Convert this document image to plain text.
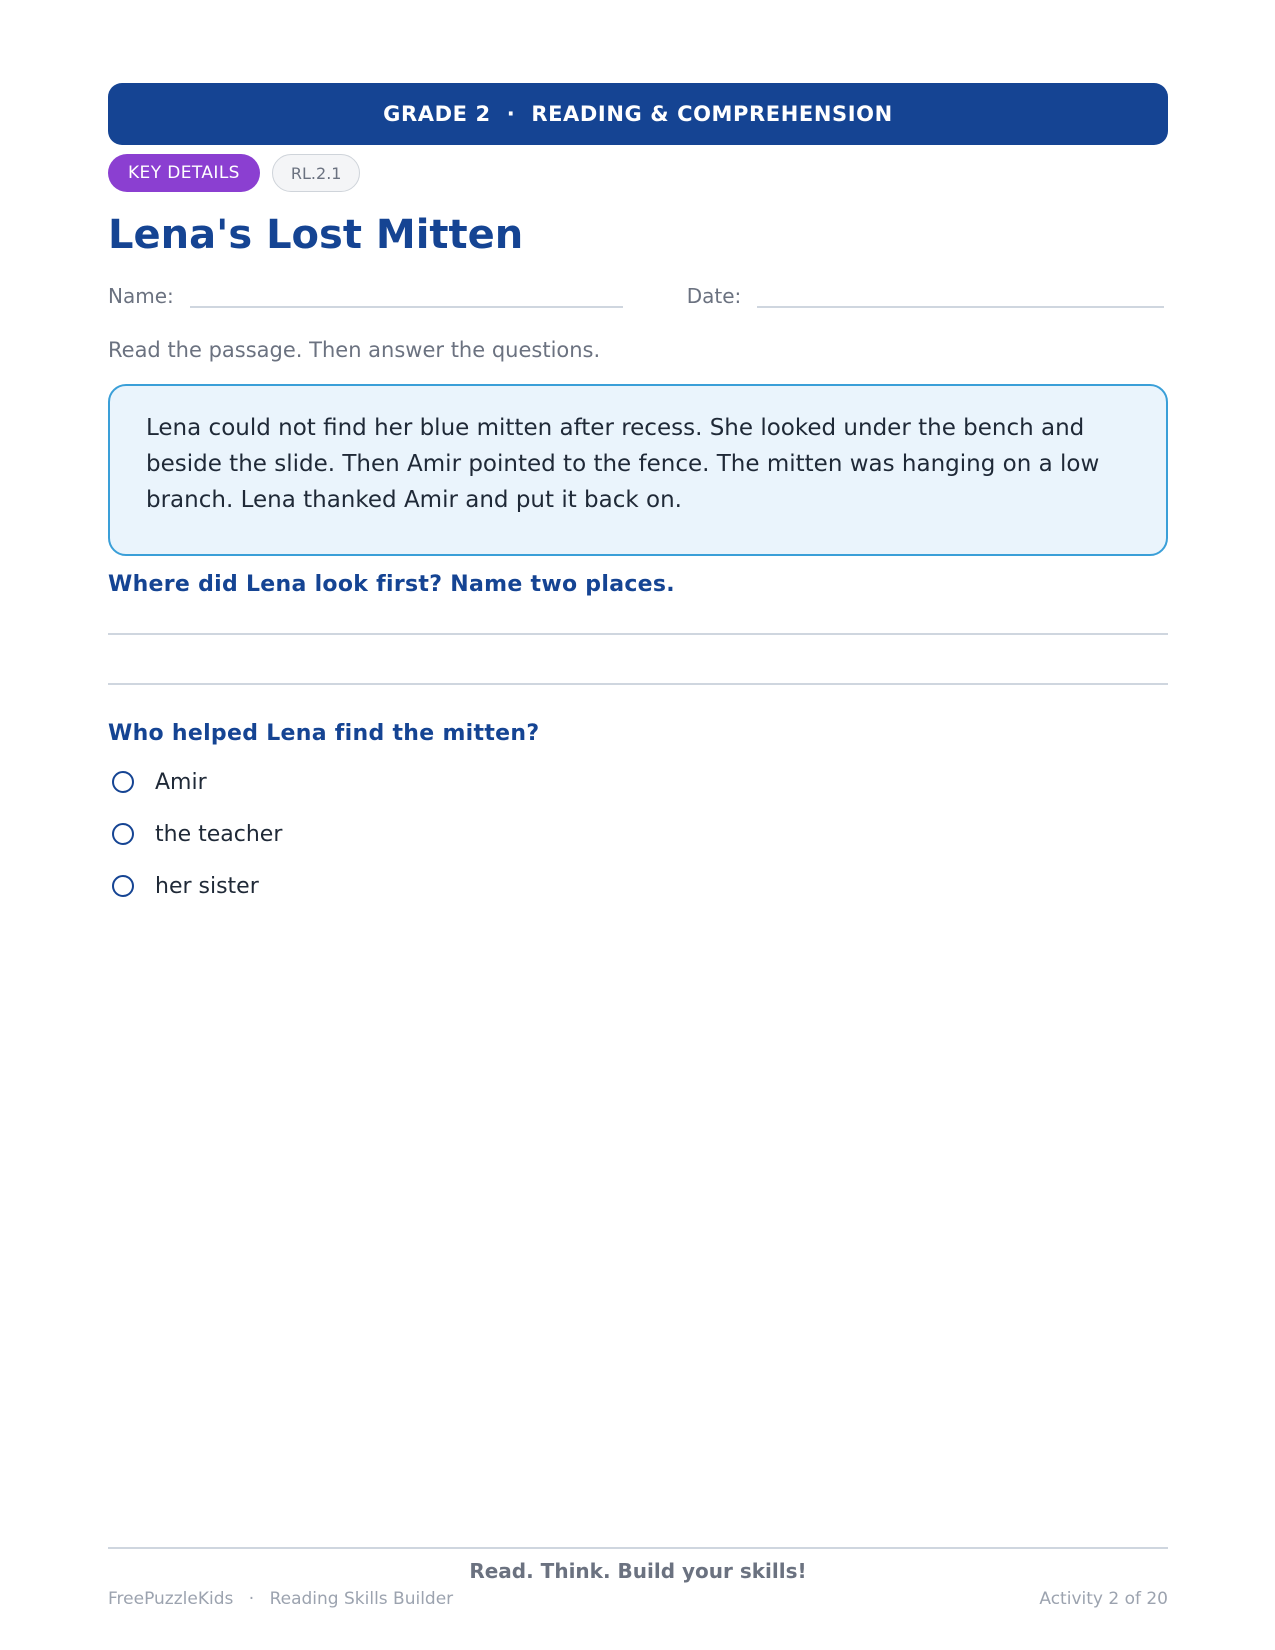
GRADE 2 · READING & COMPREHENSION
KEY DETAILS	RL.2.1
Lena's Lost Mitten
Name:	Date:
Read the passage. Then answer the questions.
Lena could not find her blue mitten after recess. She looked under the bench and beside the slide. Then Amir pointed to the fence. The mitten was hanging on a low branch. Lena thanked Amir and put it back on.
Where did Lena look first? Name two places.
Who helped Lena find the mitten?
Amir
the teacher
her sister
Read. Think. Build your skills!
FreePuzzleKids · Reading Skills Builder	Activity 2 of 20
